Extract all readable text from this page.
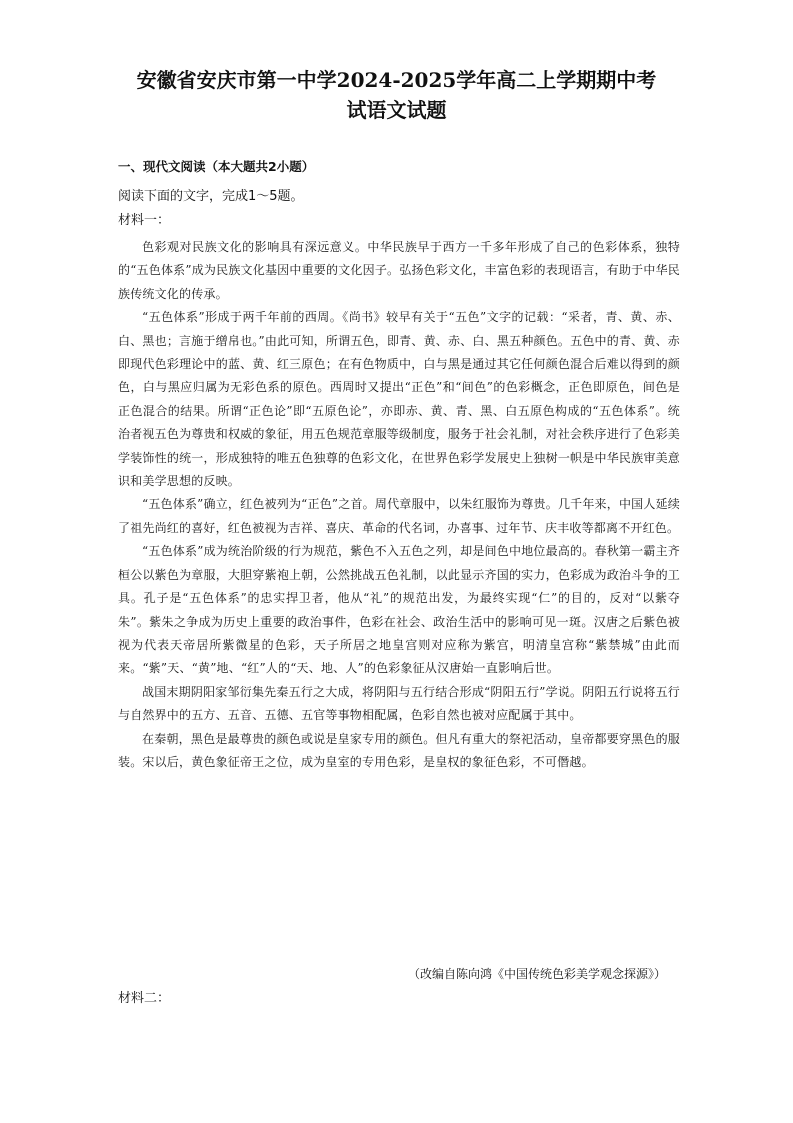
安徽省安庆市第一中学2024-2025学年高二上学期期中考
试语文试题
一、现代文阅读（本大题共2小题）
阅读下面的文字，完成1～5题。
材料一：

色彩观对民族文化的影响具有深远意义。中华民族早于西方一千多年形成了自己的色彩体系，独特的“五色体系”成为民族文化基因中重要的文化因子。弘扬色彩文化，丰富色彩的表现语言，有助于中华民族传统文化的传承。

“五色体系”形成于两千年前的西周。《尚书》较早有关于“五色”文字的记载：“采者，青、黄、赤、白、黑也；言施于缯帛也。”由此可知，所谓五色，即青、黄、赤、白、黑五种颜色。五色中的青、黄、赤即现代色彩理论中的蓝、黄、红三原色；在有色物质中，白与黑是通过其它任何颜色混合后难以得到的颜色，白与黑应归属为无彩色系的原色。西周时又提出“正色”和“间色”的色彩概念，正色即原色，间色是正色混合的结果。所谓“正色论”即“五原色论”，亦即赤、黄、青、黑、白五原色构成的“五色体系”。统治者视五色为尊贵和权威的象征，用五色规范章服等级制度，服务于社会礼制，对社会秩序进行了色彩美学装饰性的统一，形成独特的唯五色独尊的色彩文化，在世界色彩学发展史上独树一帜是中华民族审美意识和美学思想的反映。

“五色体系”确立，红色被列为“正色”之首。周代章服中，以朱红服饰为尊贵。几千年来，中国人延续了祖先尚红的喜好，红色被视为吉祥、喜庆、革命的代名词，办喜事、过年节、庆丰收等都离不开红色。

“五色体系”成为统治阶级的行为规范，紫色不入五色之列，却是间色中地位最高的。春秋第一霸主齐桓公以紫色为章服，大胆穿紫袍上朝，公然挑战五色礼制，以此显示齐国的实力，色彩成为政治斗争的工具。孔子是“五色体系”的忠实捍卫者，他从“礼”的规范出发，为最终实现“仁”的目的，反对“以紫夺朱”。紫朱之争成为历史上重要的政治事件，色彩在社会、政治生活中的影响可见一斑。汉唐之后紫色被视为代表天帝居所紫微星的色彩，天子所居之地皇宫则对应称为紫宫，明清皇宫称“紫禁城”由此而来。“紫”天、“黄”地、“红”人的“天、地、人”的色彩象征从汉唐始一直影响后世。

战国末期阴阳家邹衍集先秦五行之大成，将阴阳与五行结合形成“阴阳五行”学说。阴阳五行说将五行与自然界中的五方、五音、五德、五官等事物相配属，色彩自然也被对应配属于其中。

在秦朝，黑色是最尊贵的颜色或说是皇家专用的颜色。但凡有重大的祭祀活动，皇帝都要穿黑色的服装。宋以后，黄色象征帝王之位，成为皇室的专用色彩，是皇权的象征色彩，不可僭越。

（改编自陈向鸿《中国传统色彩美学观念探源》）
材料二：
